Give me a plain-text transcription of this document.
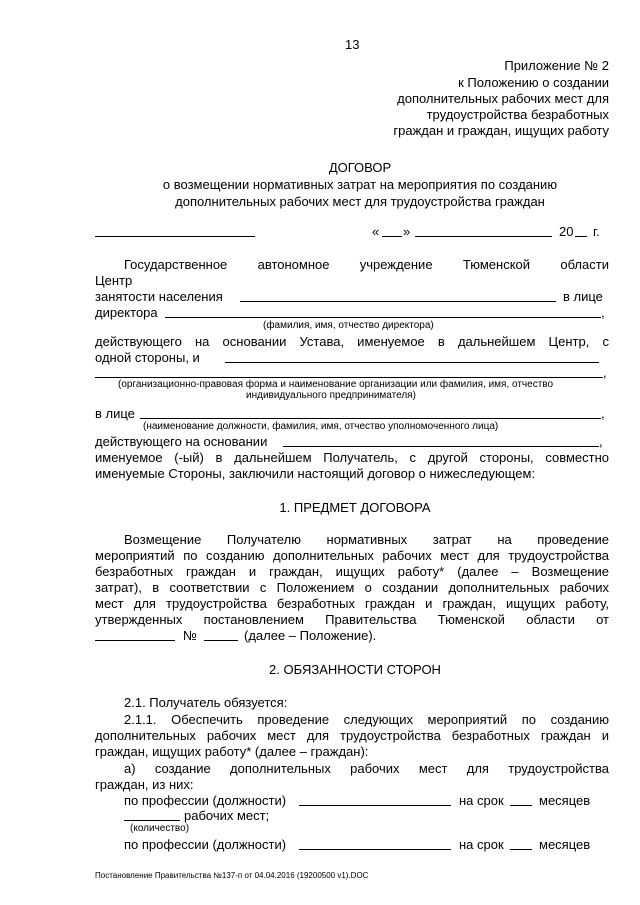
13
Приложение № 2
к Положению о создании
дополнительных рабочих мест для
трудоустройства безработных
граждан и граждан, ищущих работу
ДОГОВОР
о возмещении нормативных затрат на мероприятия по созданию
дополнительных рабочих мест для трудоустройства граждан
« »	20 г.
Государственное автономное учреждение Тюменской области
Центр
занятости населения	в лице
директора	,
(фамилия, имя, отчество директора)
действующего на основании Устава, именуемое в дальнейшем Центр, с
одной стороны, и
,
(организационно-правовая форма и наименование организации или фамилия, имя, отчество
индивидуального предпринимателя)
в лице	,
(наименование должности, фамилия, имя, отчество уполномоченного лица)
действующего на основании	,
именуемое (-ый) в дальнейшем Получатель, с другой стороны, совместно
именуемые Стороны, заключили настоящий договор о нижеследующем:
1. ПРЕДМЕТ ДОГОВОРА
Возмещение Получателю нормативных затрат на проведение
мероприятий по созданию дополнительных рабочих мест для трудоустройства
безработных граждан и граждан, ищущих работу* (далее – Возмещение
затрат), в соответствии с Положением о создании дополнительных рабочих
мест для трудоустройства безработных граждан и граждан, ищущих работу,
утвержденных постановлением Правительства Тюменской области от
№	(далее – Положение).
2. ОБЯЗАННОСТИ СТОРОН
2.1. Получатель обязуется:
2.1.1. Обеспечить проведение следующих мероприятий по созданию
дополнительных рабочих мест для трудоустройства безработных граждан и
граждан, ищущих работу* (далее – граждан):
а) создание дополнительных рабочих мест для трудоустройства
граждан, из них:
по профессии (должности)	на срок	месяцев
рабочих мест;
(количество)
по профессии (должности)	на срок	месяцев
Постановление Правительства №137-п от 04.04.2016 (19200500 v1).DOC
